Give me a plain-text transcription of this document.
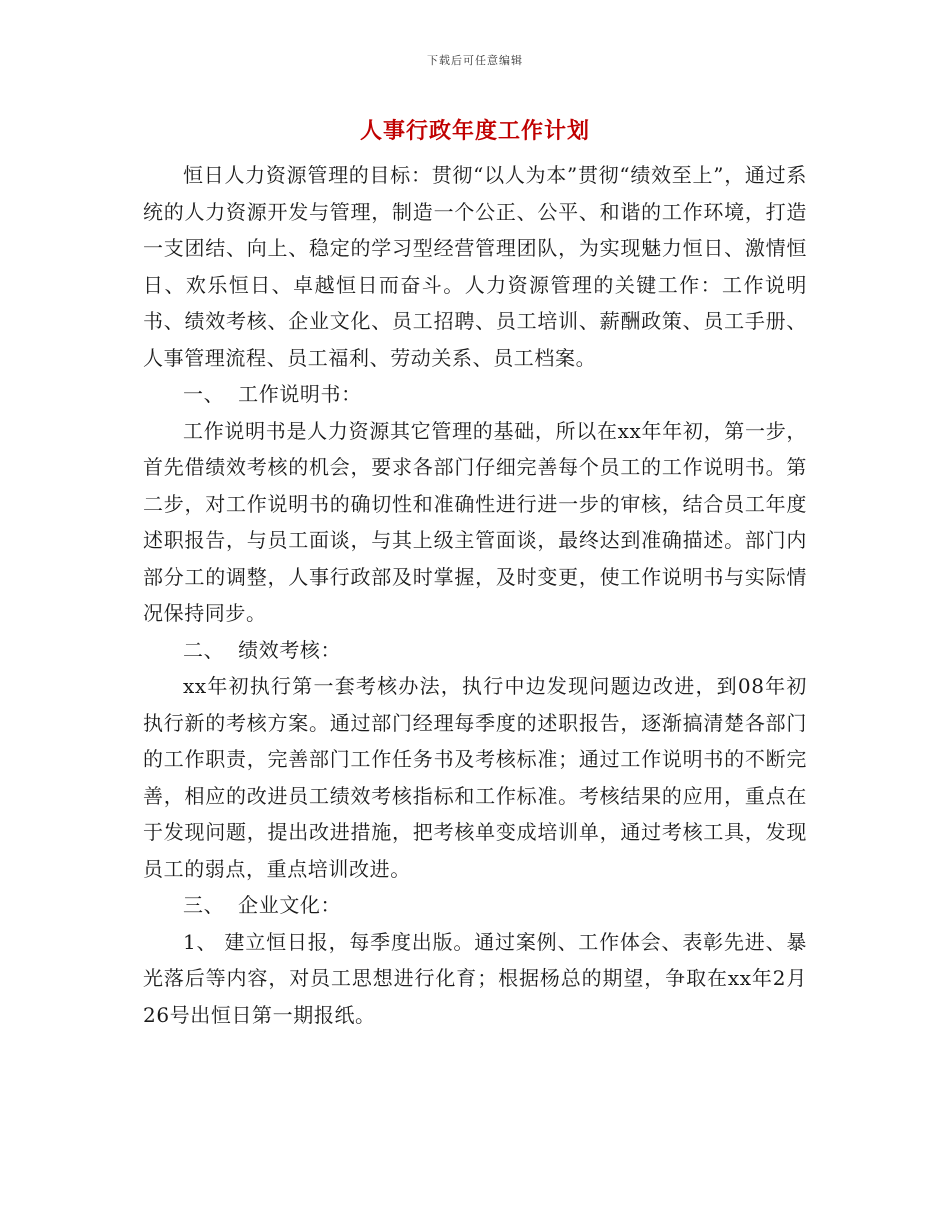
下载后可任意编辑
人事行政年度工作计划

恒日人力资源管理的目标：贯彻“以人为本”贯彻“绩效至上”，通过系统的人力资源开发与管理，制造一个公正、公平、和谐的工作环境，打造一支团结、向上、稳定的学习型经营管理团队，为实现魅力恒日、激情恒日、欢乐恒日、卓越恒日而奋斗。人力资源管理的关键工作：工作说明书、绩效考核、企业文化、员工招聘、员工培训、薪酬政策、员工手册、人事管理流程、员工福利、劳动关系、员工档案。

一、 工作说明书：

工作说明书是人力资源其它管理的基础，所以在xx年年初，第一步，首先借绩效考核的机会，要求各部门仔细完善每个员工的工作说明书。第二步，对工作说明书的确切性和准确性进行进一步的审核，结合员工年度述职报告，与员工面谈，与其上级主管面谈，最终达到准确描述。部门内部分工的调整，人事行政部及时掌握，及时变更，使工作说明书与实际情况保持同步。

二、 绩效考核：

xx年初执行第一套考核办法，执行中边发现问题边改进，到08年初执行新的考核方案。通过部门经理每季度的述职报告，逐渐搞清楚各部门的工作职责，完善部门工作任务书及考核标准；通过工作说明书的不断完善，相应的改进员工绩效考核指标和工作标准。考核结果的应用，重点在于发现问题，提出改进措施，把考核单变成培训单，通过考核工具，发现员工的弱点，重点培训改进。

三、 企业文化：

1、 建立恒日报，每季度出版。通过案例、工作体会、表彰先进、暴光落后等内容，对员工思想进行化育；根据杨总的期望，争取在xx年2月26号出恒日第一期报纸。
